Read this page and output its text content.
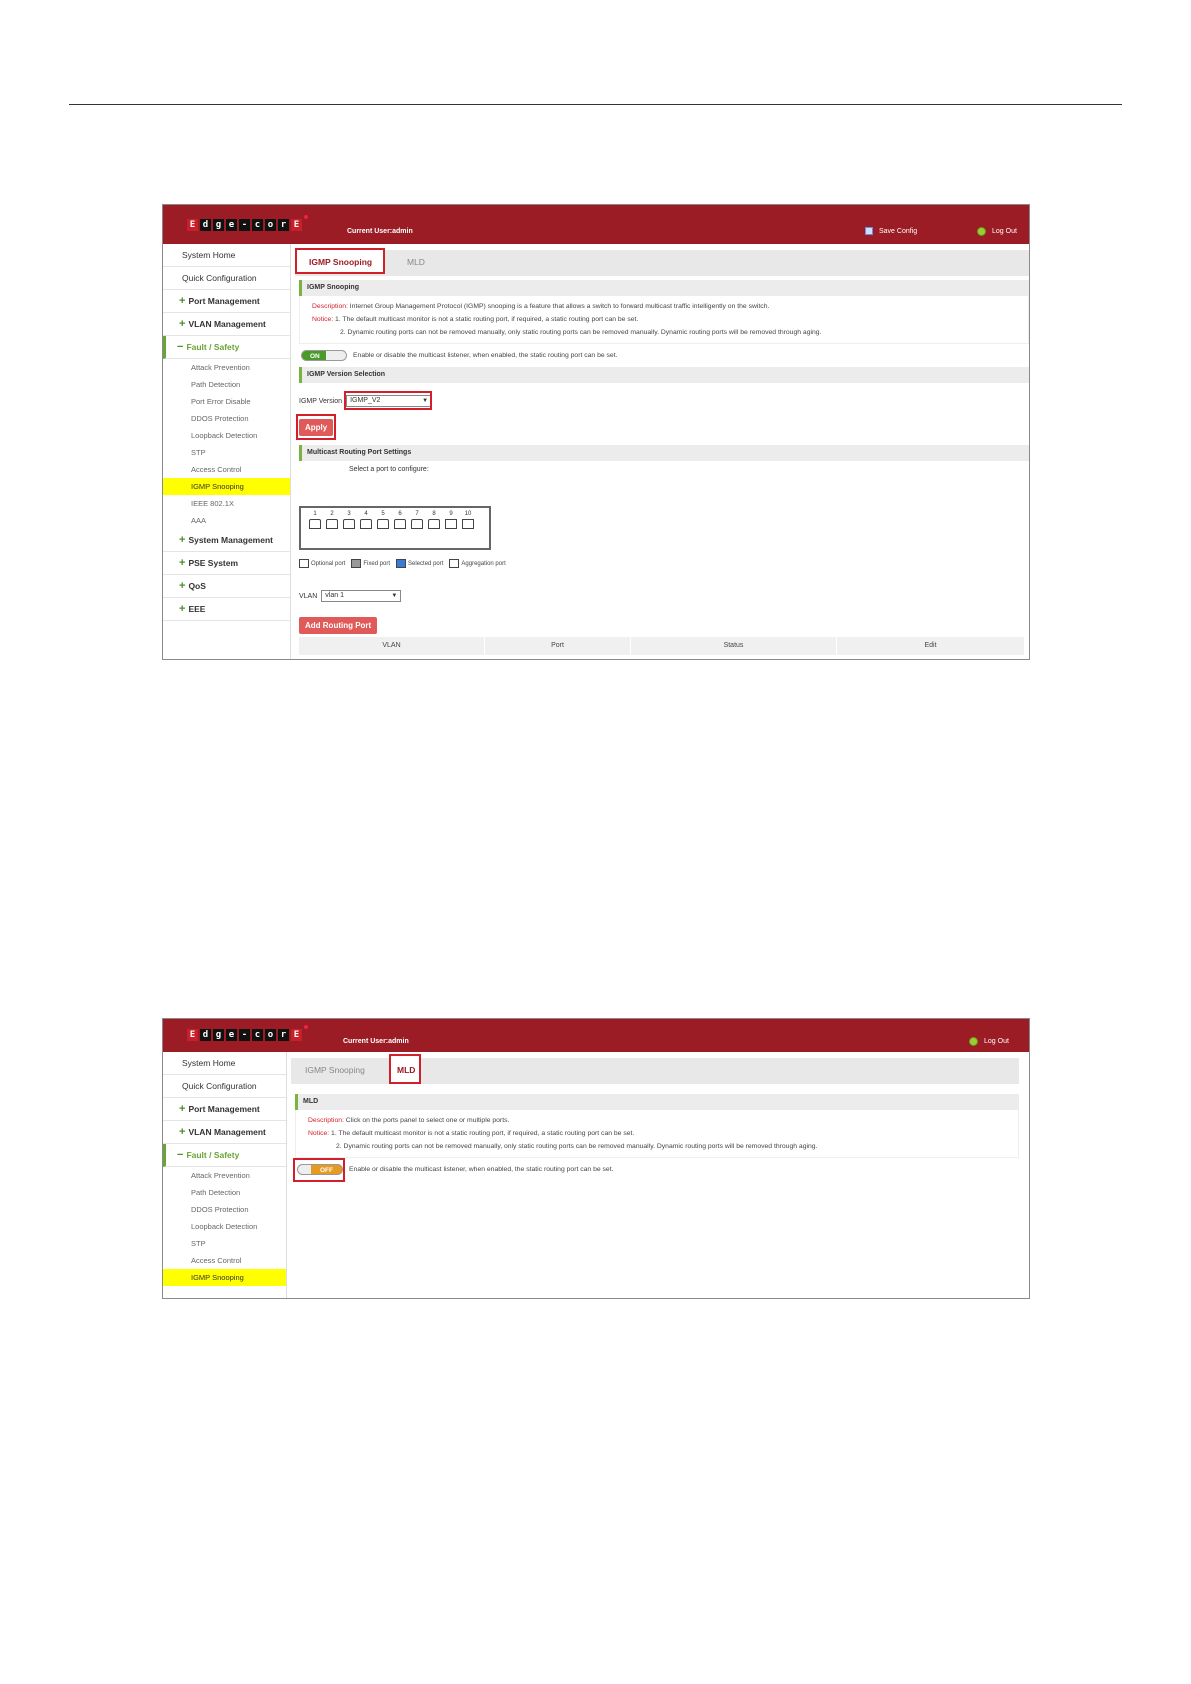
E d g e - c o r E
Current User:admin	Save Config	Log Out
System Home
Quick Configuration
+ Port Management
+ VLAN Management
− Fault / Safety
Attack Prevention
Path Detection
Port Error Disable
DDOS Protection
Loopback Detection
STP
Access Control
IGMP Snooping
IEEE 802.1X
AAA
+ System Management
+ PSE System
+ QoS
+ EEE
IGMP Snooping	MLD
IGMP Snooping
Description: Internet Group Management Protocol (IGMP) snooping is a feature that allows a switch to forward multicast traffic intelligently on the switch.
Notice: 1. The default multicast monitor is not a static routing port, if required, a static routing port can be set.
2. Dynamic routing ports can not be removed manually, only static routing ports can be removed manually. Dynamic routing ports will be removed through aging.
ON	Enable or disable the multicast listener, when enabled, the static routing port can be set.
IGMP Version Selection
IGMP Version	IGMP_V2	▼
Apply
Multicast Routing Port Settings
Select a port to configure:
1	2	3	4	5	6	7	8	9	10
Optional port	Fixed port	Selected port	Aggregation port
VLAN	vlan 1	▼
Add Routing Port
VLAN	Port	Status	Edit
E d g e - c o r E
Current User:admin	Log Out
System Home
Quick Configuration
+ Port Management
+ VLAN Management
− Fault / Safety
Attack Prevention
Path Detection
DDOS Protection
Loopback Detection
STP
Access Control
IGMP Snooping
IGMP Snooping	MLD
MLD
Description: Click on the ports panel to select one or multiple ports.
Notice: 1. The default multicast monitor is not a static routing port, if required, a static routing port can be set.
2. Dynamic routing ports can not be removed manually, only static routing ports can be removed manually. Dynamic routing ports will be removed through aging.
OFF	Enable or disable the multicast listener, when enabled, the static routing port can be set.
